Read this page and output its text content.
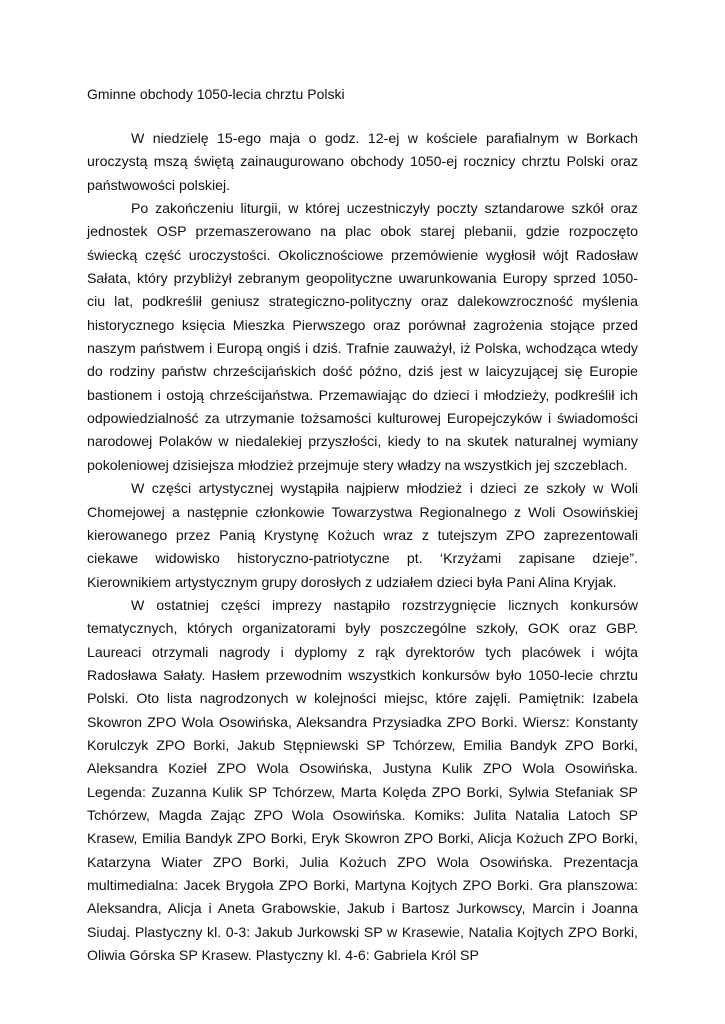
Gminne obchody 1050-lecia chrztu Polski

W niedzielę 15-ego maja o godz. 12-ej w kościele parafialnym w Borkach uroczystą mszą świętą zainaugurowano obchody 1050-ej rocznicy chrztu Polski oraz państwowości polskiej.

Po zakończeniu liturgii, w której uczestniczyły poczty sztandarowe szkół oraz jednostek OSP przemaszerowano na plac obok starej plebanii, gdzie rozpoczęto świecką część uroczystości. Okolicznościowe przemówienie wygłosił wójt Radosław Sałata, który przybliżył zebranym geopolityczne uwarunkowania Europy sprzed 1050-ciu lat, podkreślił geniusz strategiczno-polityczny oraz dalekowzroczność myślenia historycznego księcia Mieszka Pierwszego oraz porównał zagrożenia stojące przed naszym państwem i Europą ongiś i dziś. Trafnie zauważył, iż Polska, wchodząca wtedy do rodziny państw chrześcijańskich dość późno, dziś jest w laicyzującej się Europie bastionem i ostoją chrześcijaństwa. Przemawiając do dzieci i młodzieży, podkreślił ich odpowiedzialność za utrzymanie tożsamości kulturowej Europejczyków i świadomości narodowej Polaków w niedalekiej przyszłości, kiedy to na skutek naturalnej wymiany pokoleniowej dzisiejsza młodzież przejmuje stery władzy na wszystkich jej szczeblach.

W części artystycznej wystąpiła najpierw młodzież i dzieci ze szkoły w Woli Chomejowej a następnie członkowie Towarzystwa Regionalnego z Woli Osowińskiej kierowanego przez Panią Krystynę Kożuch wraz z tutejszym ZPO zaprezentowali ciekawe widowisko historyczno-patriotyczne pt. ‘Krzyżami zapisane dzieje”. Kierownikiem artystycznym grupy dorosłych z udziałem dzieci była Pani Alina Kryjak.

W ostatniej części imprezy nastąpiło rozstrzygnięcie licznych konkursów tematycznych, których organizatorami były poszczególne szkoły, GOK oraz GBP. Laureaci otrzymali nagrody i dyplomy z rąk dyrektorów tych placówek i wójta Radosława Sałaty. Hasłem przewodnim wszystkich konkursów było 1050-lecie chrztu Polski. Oto lista nagrodzonych w kolejności miejsc, które zajęli. Pamiętnik: Izabela Skowron ZPO Wola Osowińska, Aleksandra Przysiadka ZPO Borki. Wiersz: Konstanty Korulczyk ZPO Borki, Jakub Stępniewski SP Tchórzew, Emilia Bandyk ZPO Borki, Aleksandra Kozieł ZPO Wola Osowińska, Justyna Kulik ZPO Wola Osowińska. Legenda: Zuzanna Kulik SP Tchórzew, Marta Kolęda ZPO Borki, Sylwia Stefaniak SP Tchórzew, Magda Zając ZPO Wola Osowińska. Komiks: Julita Natalia Latoch SP Krasew, Emilia Bandyk ZPO Borki, Eryk Skowron ZPO Borki, Alicja Kożuch ZPO Borki, Katarzyna Wiater ZPO Borki, Julia Kożuch ZPO Wola Osowińska. Prezentacja multimedialna: Jacek Brygoła ZPO Borki, Martyna Kojtych ZPO Borki. Gra planszowa: Aleksandra, Alicja i Aneta Grabowskie, Jakub i Bartosz Jurkowscy, Marcin i Joanna Siudaj. Plastyczny kl. 0-3: Jakub Jurkowski SP w Krasewie, Natalia Kojtych ZPO Borki, Oliwia Górska SP Krasew. Plastyczny kl. 4-6: Gabriela Król SP
